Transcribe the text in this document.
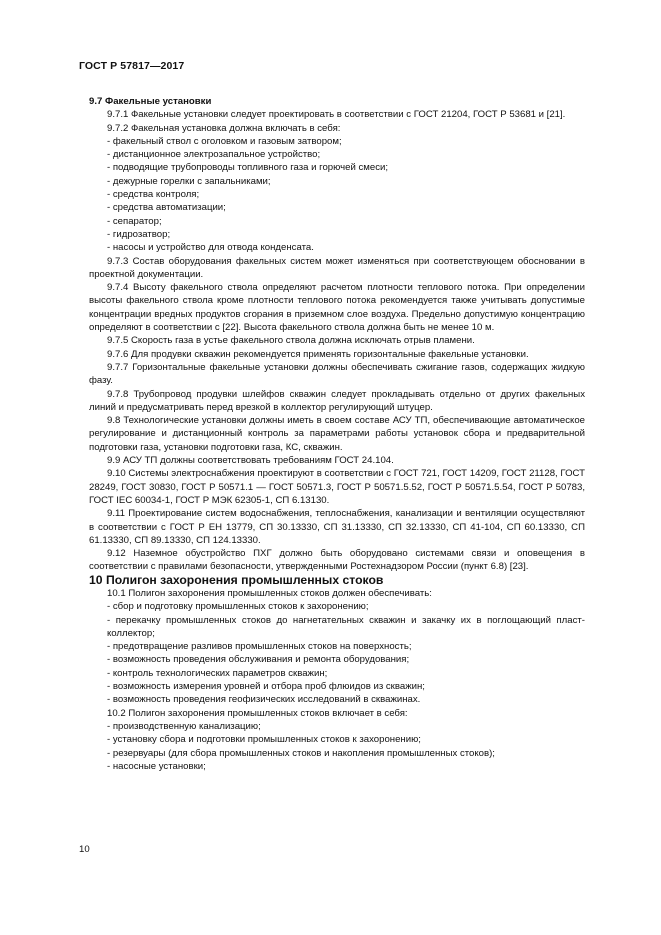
ГОСТ Р 57817—2017

9.7 Факельные установки

9.7.1 Факельные установки следует проектировать в соответствии с ГОСТ 21204, ГОСТ Р 53681 и [21].

9.7.2 Факельная установка должна включать в себя:

- факельный ствол с оголовком и газовым затвором;

- дистанционное электрозапальное устройство;

- подводящие трубопроводы топливного газа и горючей смеси;

- дежурные горелки с запальниками;

- средства контроля;

- средства автоматизации;

- сепаратор;

- гидрозатвор;

- насосы и устройство для отвода конденсата.

9.7.3 Состав оборудования факельных систем может изменяться при соответствующем обосновании в проектной документации.

9.7.4 Высоту факельного ствола определяют расчетом плотности теплового потока. При определении высоты факельного ствола кроме плотности теплового потока рекомендуется также учитывать допустимые концентрации вредных продуктов сгорания в приземном слое воздуха. Предельно допустимую концентрацию определяют в соответствии с [22]. Высота факельного ствола должна быть не менее 10 м.

9.7.5 Скорость газа в устье факельного ствола должна исключать отрыв пламени.

9.7.6 Для продувки скважин рекомендуется применять горизонтальные факельные установки.

9.7.7 Горизонтальные факельные установки должны обеспечивать сжигание газов, содержащих жидкую фазу.

9.7.8 Трубопровод продувки шлейфов скважин следует прокладывать отдельно от других факельных линий и предусматривать перед врезкой в коллектор регулирующий штуцер.

9.8 Технологические установки должны иметь в своем составе АСУ ТП, обеспечивающие автоматическое регулирование и дистанционный контроль за параметрами работы установок сбора и предварительной подготовки газа, установки подготовки газа, КС, скважин.

9.9 АСУ ТП должны соответствовать требованиям ГОСТ 24.104.

9.10 Системы электроснабжения проектируют в соответствии с ГОСТ 721, ГОСТ 14209, ГОСТ 21128, ГОСТ 28249, ГОСТ 30830, ГОСТ Р 50571.1 — ГОСТ 50571.3, ГОСТ Р 50571.5.52, ГОСТ Р 50571.5.54, ГОСТ Р 50783, ГОСТ IEC 60034-1, ГОСТ Р МЭК 62305-1, СП 6.13130.

9.11 Проектирование систем водоснабжения, теплоснабжения, канализации и вентиляции осуществляют в соответствии с ГОСТ Р ЕН 13779, СП 30.13330, СП 31.13330, СП 32.13330, СП 41-104, СП 60.13330, СП 61.13330, СП 89.13330, СП 124.13330.

9.12 Наземное обустройство ПХГ должно быть оборудовано системами связи и оповещения в соответствии с правилами безопасности, утвержденными Ростехнадзором России (пункт 6.8) [23].

10 Полигон захоронения промышленных стоков

10.1 Полигон захоронения промышленных стоков должен обеспечивать:

- сбор и подготовку промышленных стоков к захоронению;

- перекачку промышленных стоков до нагнетательных скважин и закачку их в поглощающий пласт-коллектор;

- предотвращение разливов промышленных стоков на поверхность;

- возможность проведения обслуживания и ремонта оборудования;

- контроль технологических параметров скважин;

- возможность измерения уровней и отбора проб флюидов из скважин;

- возможность проведения геофизических исследований в скважинах.

10.2 Полигон захоронения промышленных стоков включает в себя:

- производственную канализацию;

- установку сбора и подготовки промышленных стоков к захоронению;

- резервуары (для сбора промышленных стоков и накопления промышленных стоков);

- насосные установки;

10
